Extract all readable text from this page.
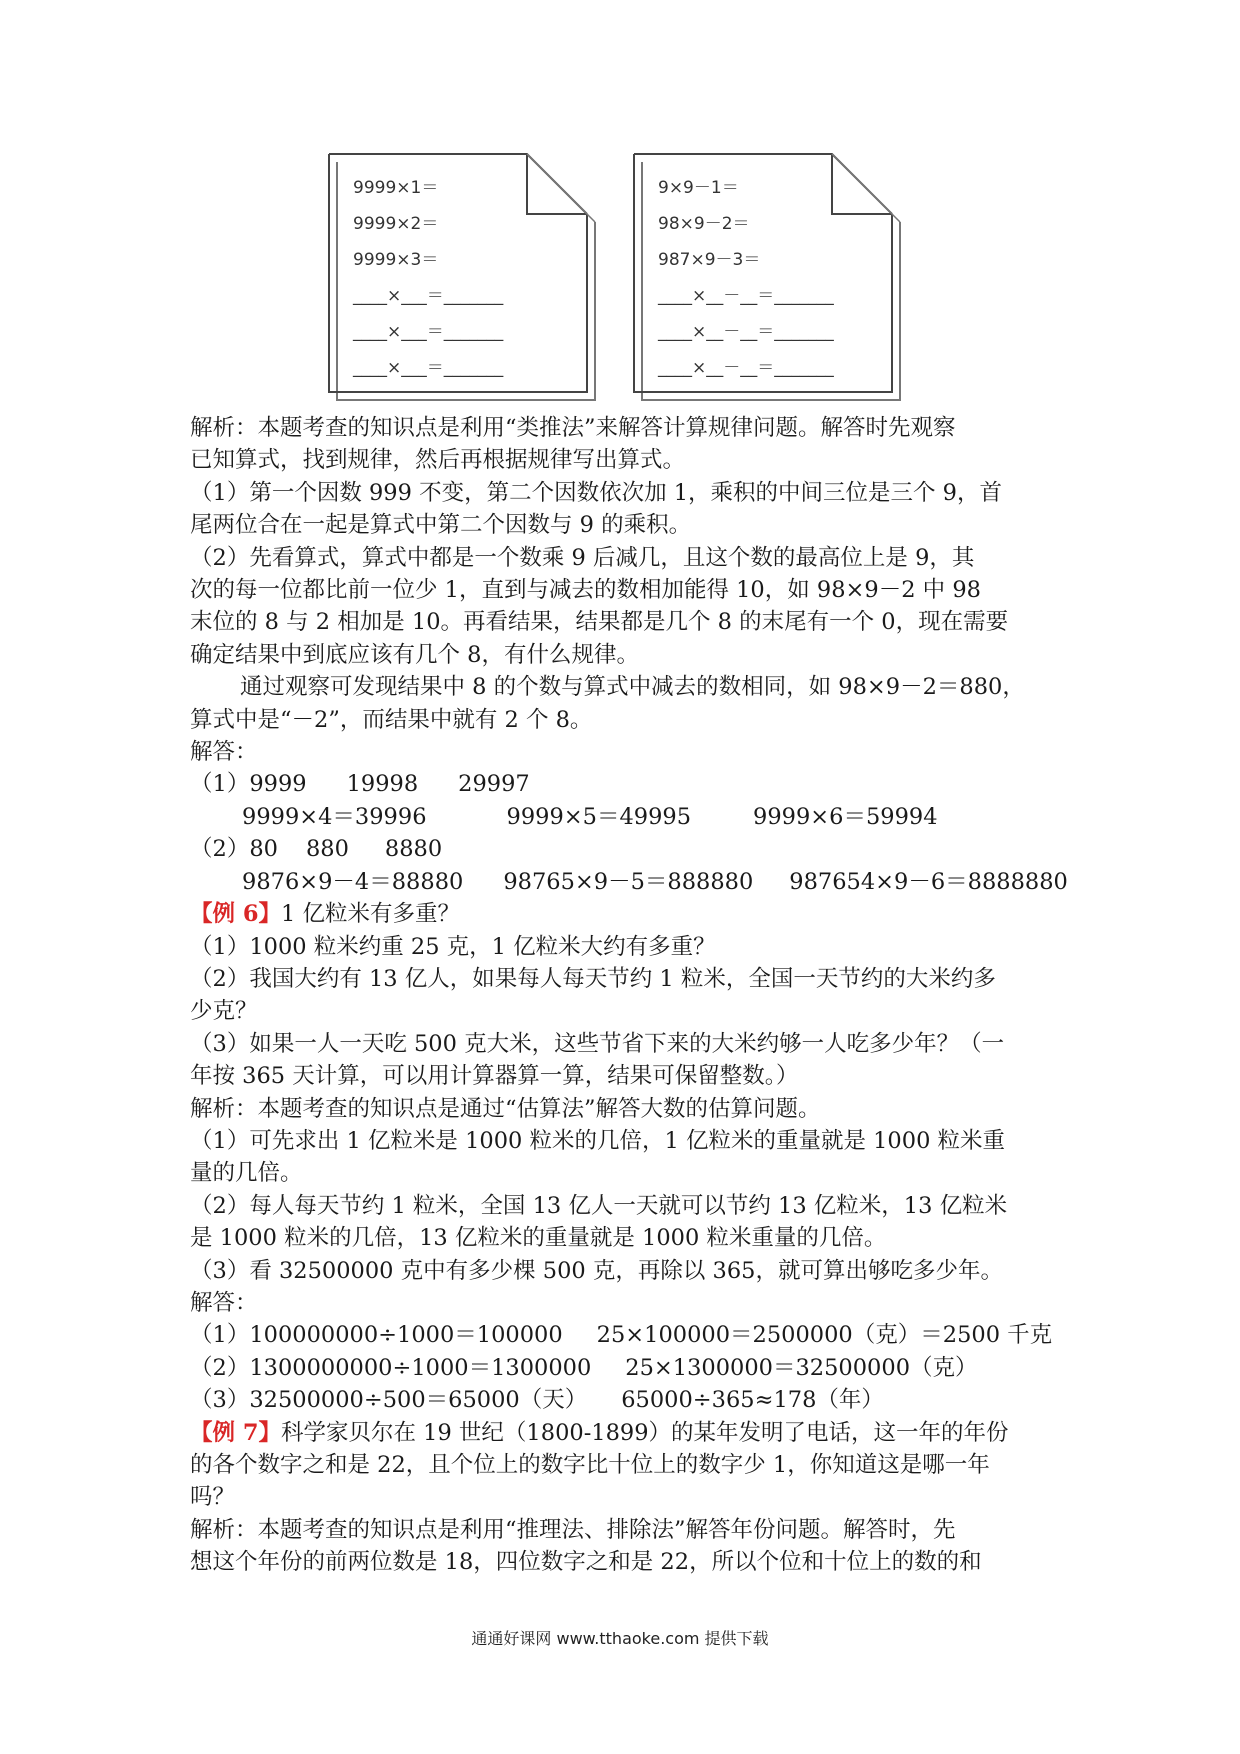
9999×1＝
9999×2＝
9999×3＝
____×___＝_______
____×___＝_______
____×___＝_______
9×9－1＝
98×9－2＝
987×9－3＝
____×__－__＝_______
____×__－__＝_______
____×__－__＝_______

解析：本题考查的知识点是利用“类推法”来解答计算规律问题。解答时先观察

已知算式，找到规律，然后再根据规律写出算式。

（1）第一个因数 999 不变，第二个因数依次加 1，乘积的中间三位是三个 9，首

尾两位合在一起是算式中第二个因数与 9 的乘积。

（2）先看算式，算式中都是一个数乘 9 后减几，且这个数的最高位上是 9，其

次的每一位都比前一位少 1，直到与减去的数相加能得 10，如 98×9－2 中 98

末位的 8 与 2 相加是 10。再看结果，结果都是几个 8 的末尾有一个 0，现在需要

确定结果中到底应该有几个 8，有什么规律。

通过观察可发现结果中 8 的个数与算式中减去的数相同，如 98×9－2＝880，

算式中是“－2”，而结果中就有 2 个 8。

解答：

（1）9999 19998 29997

9999×4＝39996	9999×5＝49995	9999×6＝59994

（2）80 880 8880

9876×9－4＝88880 98765×9－5＝888880 987654×9－6＝8888880

【例 6】1 亿粒米有多重？

（1）1000 粒米约重 25 克，1 亿粒米大约有多重？

（2）我国大约有 13 亿人，如果每人每天节约 1 粒米，全国一天节约的大米约多

少克？

（3）如果一人一天吃 500 克大米，这些节省下来的大米约够一人吃多少年？（一

年按 365 天计算，可以用计算器算一算，结果可保留整数。）

解析：本题考查的知识点是通过“估算法”解答大数的估算问题。

（1）可先求出 1 亿粒米是 1000 粒米的几倍，1 亿粒米的重量就是 1000 粒米重

量的几倍。

（2）每人每天节约 1 粒米，全国 13 亿人一天就可以节约 13 亿粒米，13 亿粒米

是 1000 粒米的几倍，13 亿粒米的重量就是 1000 粒米重量的几倍。

（3）看 32500000 克中有多少棵 500 克，再除以 365，就可算出够吃多少年。

解答：

（1）100000000÷1000＝100000 25×100000＝2500000（克）＝2500 千克

（2）1300000000÷1000＝1300000 25×1300000＝32500000（克）

（3）32500000÷500＝65000（天） 65000÷365≈178（年）

【例 7】科学家贝尔在 19 世纪（1800-1899）的某年发明了电话，这一年的年份

的各个数字之和是 22，且个位上的数字比十位上的数字少 1，你知道这是哪一年

吗？

解析：本题考查的知识点是利用“推理法、排除法”解答年份问题。解答时，先

想这个年份的前两位数是 18，四位数字之和是 22，所以个位和十位上的数的和

通通好课网 www.tthaoke.com 提供下载
